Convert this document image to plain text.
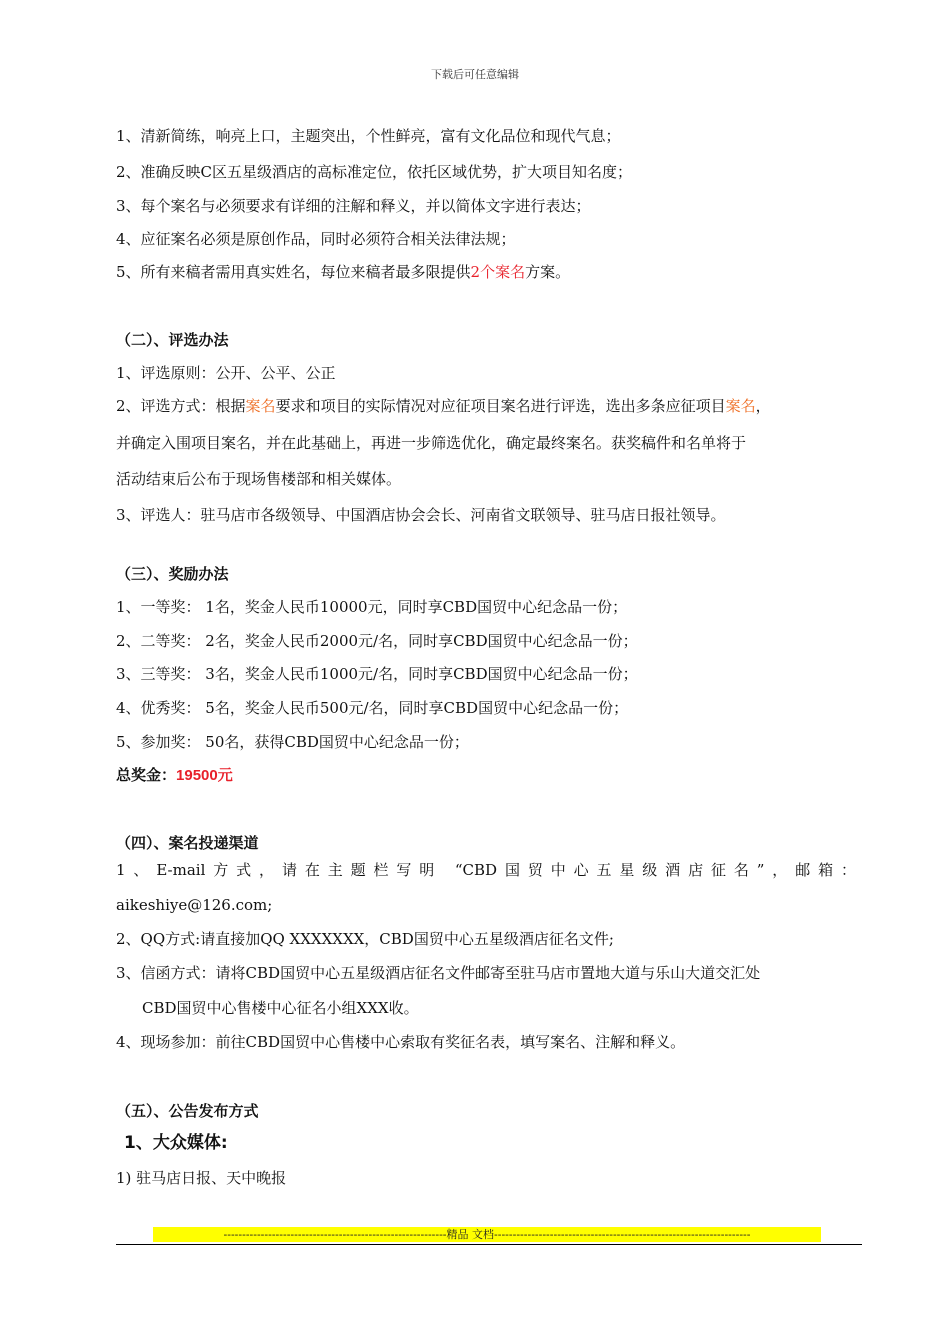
下载后可任意编辑
1、清新简练，响亮上口，主题突出，个性鲜亮，富有文化品位和现代气息；
2、准确反映C区五星级酒店的高标准定位，依托区域优势，扩大项目知名度；
3、每个案名与必须要求有详细的注解和释义，并以简体文字进行表达；
4、应征案名必须是原创作品，同时必须符合相关法律法规；
5、所有来稿者需用真实姓名，每位来稿者最多限提供2个案名方案。
（二）、评选办法
1、评选原则：公开、公平、公正
2、评选方式：根据案名要求和项目的实际情况对应征项目案名进行评选，选出多条应征项目案名，
并确定入围项目案名，并在此基础上，再进一步筛选优化，确定最终案名。获奖稿件和名单将于
活动结束后公布于现场售楼部和相关媒体。
3、评选人：驻马店市各级领导、中国酒店协会会长、河南省文联领导、驻马店日报社领导。
（三）、奖励办法
1、一等奖： 1名，奖金人民币10000元，同时享CBD国贸中心纪念品一份；
2、二等奖： 2名，奖金人民币2000元/名，同时享CBD国贸中心纪念品一份；
3、三等奖： 3名，奖金人民币1000元/名，同时享CBD国贸中心纪念品一份；
4、优秀奖： 5名，奖金人民币500元/名，同时享CBD国贸中心纪念品一份；
5、参加奖： 50名，获得CBD国贸中心纪念品一份；
总奖金：19500元
（四）、案名投递渠道
1、E-mail方式，请在主题栏写明 “CBD国贸中心五星级酒店征名”，邮箱：
aikeshiye@126.com;
2、QQ方式:请直接加QQ XXXXXXX，CBD国贸中心五星级酒店征名文件;
3、信函方式：请将CBD国贸中心五星级酒店征名文件邮寄至驻马店市置地大道与乐山大道交汇处
CBD国贸中心售楼中心征名小组XXX收。
4、现场参加：前往CBD国贸中心售楼中心索取有奖征名表，填写案名、注解和释义。
（五）、公告发布方式
1、大众媒体:
1) 驻马店日报、天中晚报
------------------------------------------------------------精品 文档---------------------------------------------------------------------
